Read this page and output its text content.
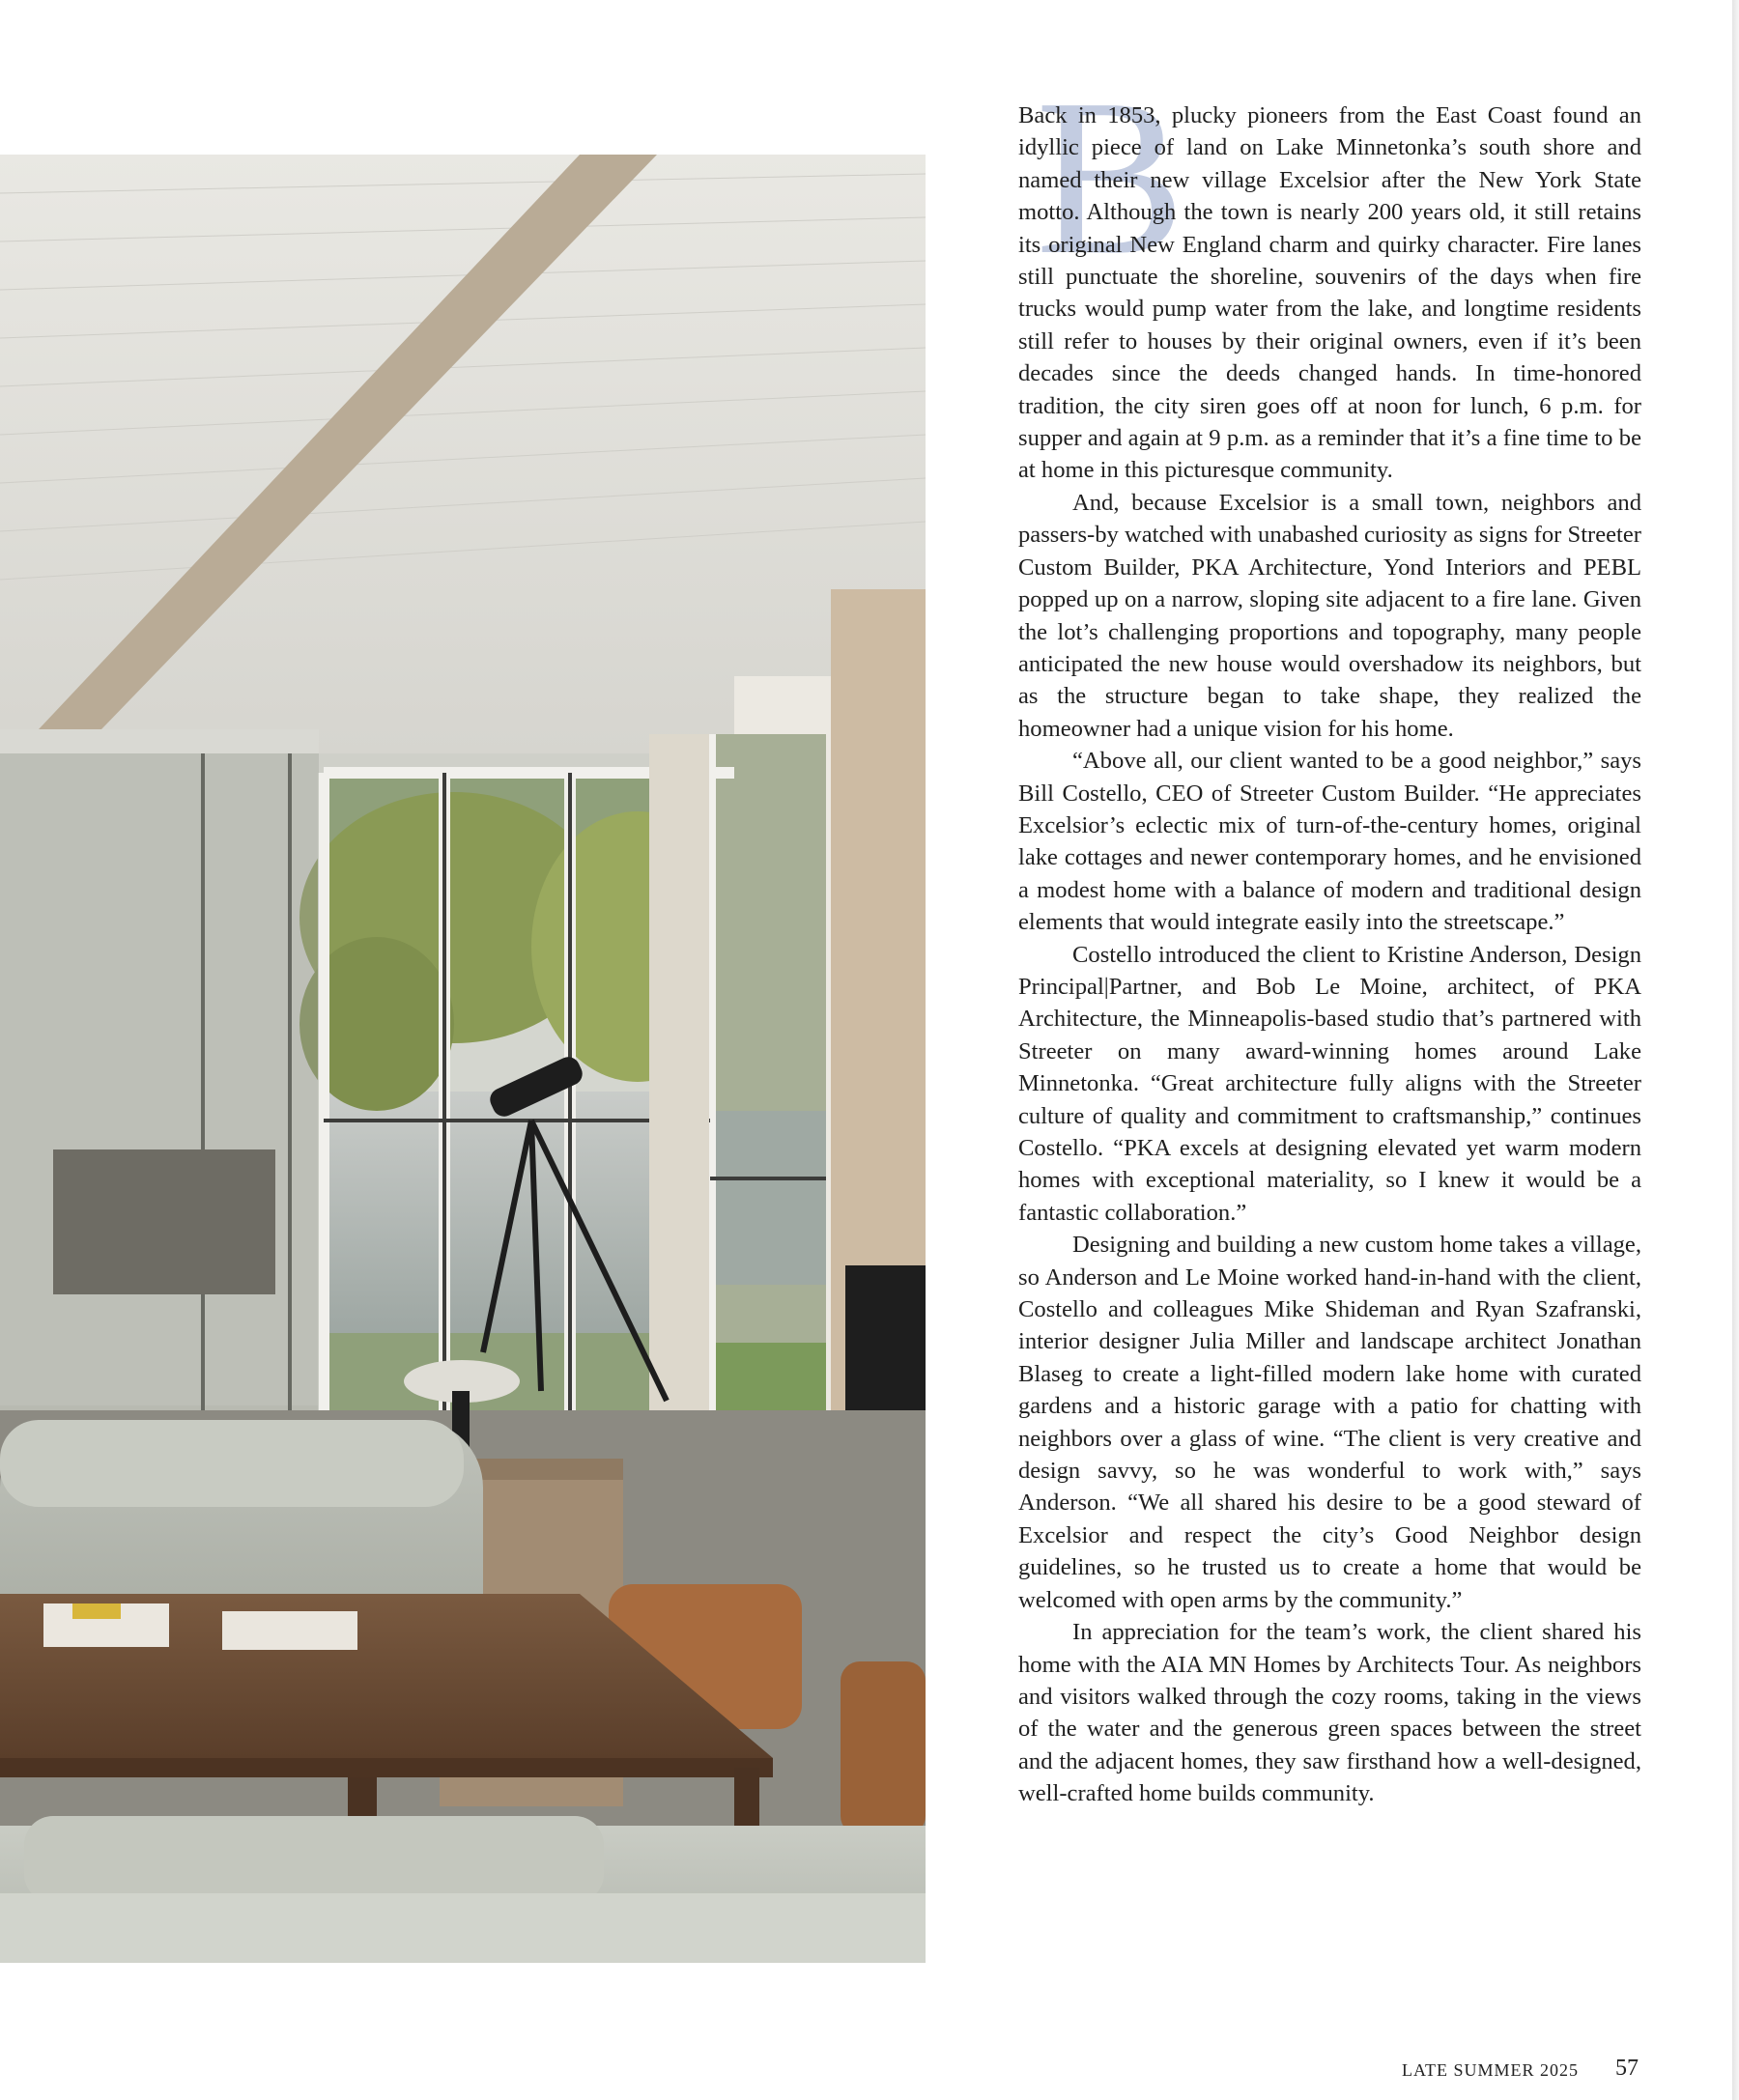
B

Back in 1853, plucky pioneers from the East Coast found an idyllic piece of land on Lake Minnetonka’s south shore and named their new village Excelsior after the New York State motto. Although the town is nearly 200 years old, it still retains its original New England charm and quirky character. Fire lanes still punctuate the shoreline, souvenirs of the days when fire trucks would pump water from the lake, and longtime residents still refer to houses by their original owners, even if it’s been decades since the deeds changed hands. In time-honored tradition, the city siren goes off at noon for lunch, 6 p.m. for supper and again at 9 p.m. as a reminder that it’s a fine time to be at home in this picturesque community.

And, because Excelsior is a small town, neighbors and passers-by watched with unabashed curiosity as signs for Streeter Custom Builder, PKA Architecture, Yond Interiors and PEBL popped up on a narrow, sloping site adjacent to a fire lane. Given the lot’s challenging proportions and topography, many people anticipated the new house would overshadow its neighbors, but as the structure began to take shape, they realized the homeowner had a unique vision for his home.

“Above all, our client wanted to be a good neighbor,” says Bill Costello, CEO of Streeter Custom Builder. “He appreciates Excelsior’s eclectic mix of turn-of-the-century homes, original lake cottages and newer contemporary homes, and he envisioned a modest home with a balance of modern and traditional design elements that would integrate easily into the streetscape.”

Costello introduced the client to Kristine Anderson, Design Principal|Partner, and Bob Le Moine, architect, of PKA Architecture, the Minneapolis-based studio that’s partnered with Streeter on many award-winning homes around Lake Minnetonka. “Great architecture fully aligns with the Streeter culture of quality and commitment to craftsmanship,” continues Costello. “PKA excels at designing elevated yet warm modern homes with exceptional materiality, so I knew it would be a fantastic collaboration.”

Designing and building a new custom home takes a village, so Anderson and Le Moine worked hand-in-hand with the client, Costello and colleagues Mike Shideman and Ryan Szafranski, interior designer Julia Miller and landscape architect Jonathan Blaseg to create a light-filled modern lake home with curated gardens and a historic garage with a patio for chatting with neighbors over a glass of wine. “The client is very creative and design savvy, so he was wonderful to work with,” says Anderson. “We all shared his desire to be a good steward of Excelsior and respect the city’s Good Neighbor design guidelines, so he trusted us to create a home that would be welcomed with open arms by the community.”

In appreciation for the team’s work, the client shared his home with the AIA MN Homes by Architects Tour. As neighbors and visitors walked through the cozy rooms, taking in the views of the water and the generous green spaces between the street and the adjacent homes, they saw firsthand how a well-designed, well-crafted home builds community.

LATE SUMMER 2025 57
